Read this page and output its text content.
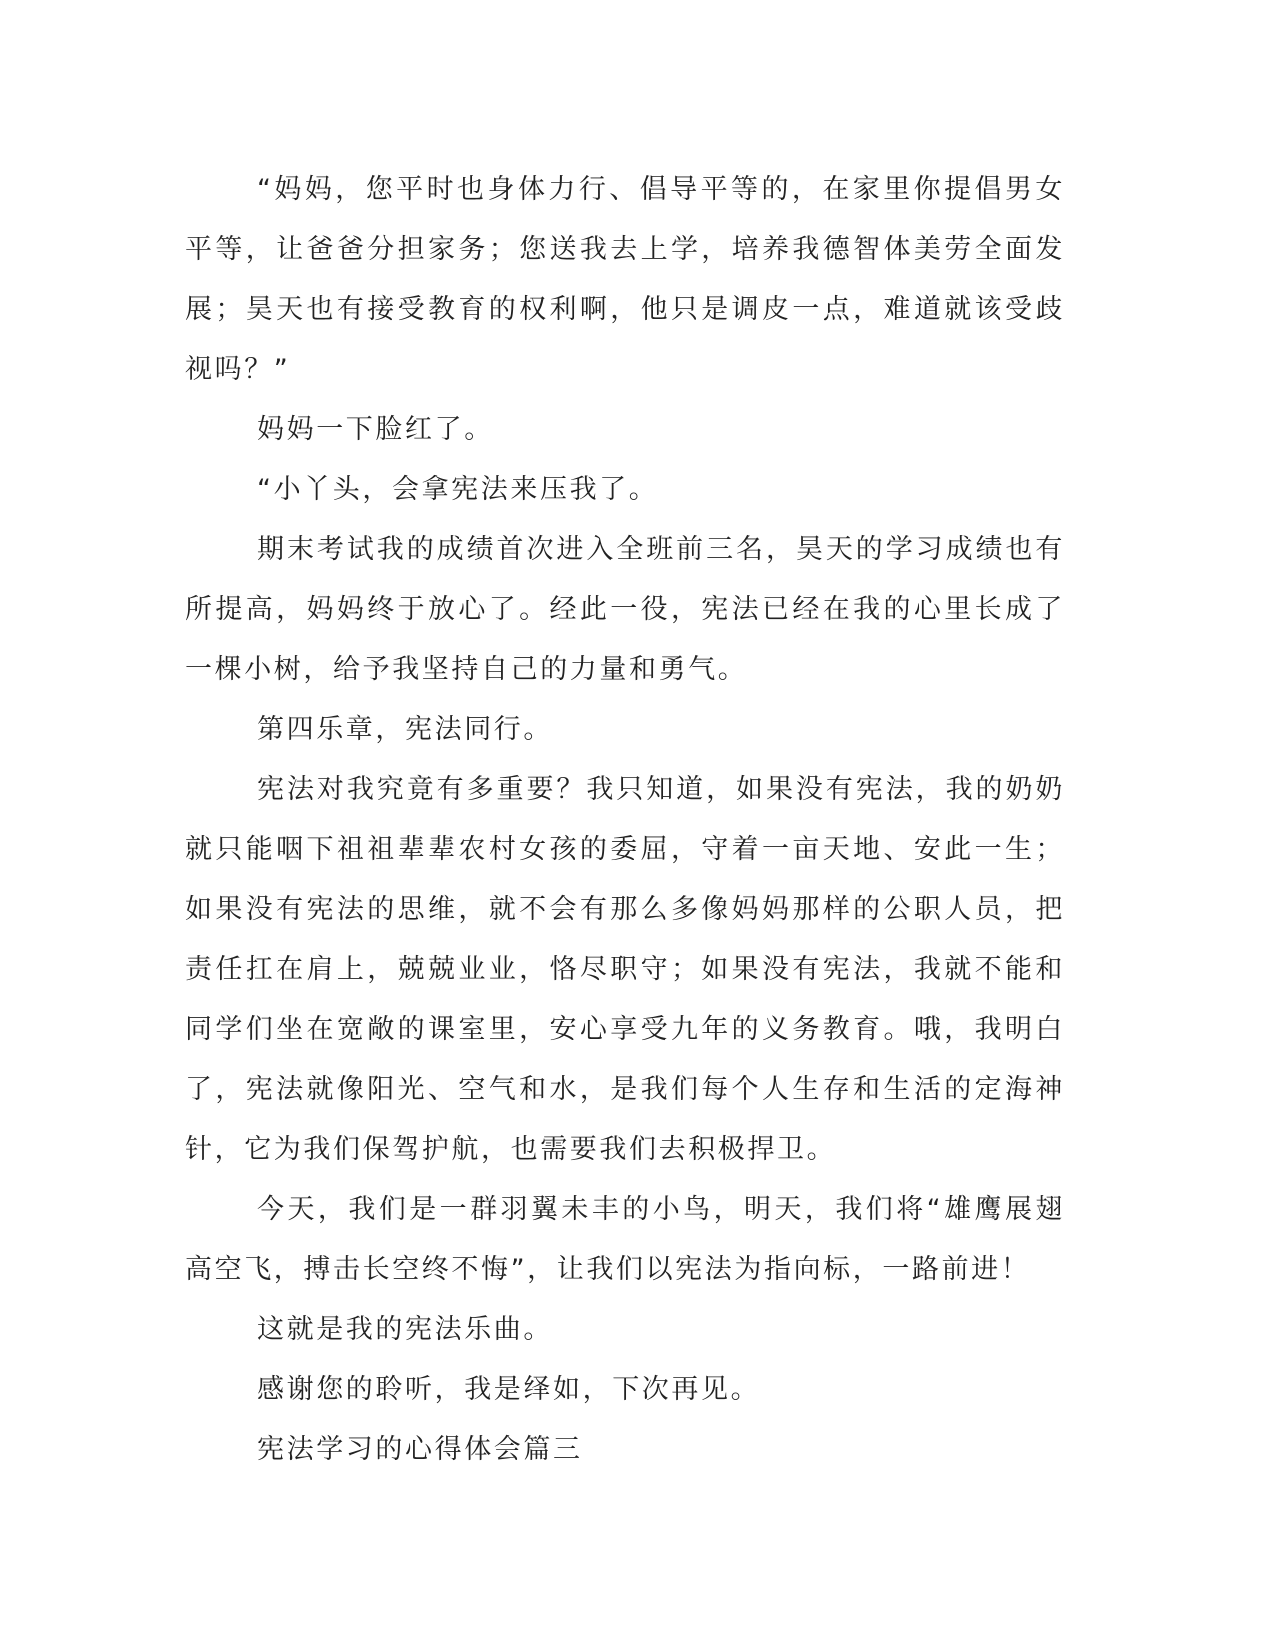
“妈妈，您平时也身体力行、倡导平等的，在家里你提倡男女平等，让爸爸分担家务；您送我去上学，培养我德智体美劳全面发展；昊天也有接受教育的权利啊，他只是调皮一点，难道就该受歧视吗？”

妈妈一下脸红了。

“小丫头，会拿宪法来压我了。

期末考试我的成绩首次进入全班前三名，昊天的学习成绩也有所提高，妈妈终于放心了。经此一役，宪法已经在我的心里长成了一棵小树，给予我坚持自己的力量和勇气。

第四乐章，宪法同行。

宪法对我究竟有多重要？我只知道，如果没有宪法，我的奶奶就只能咽下祖祖辈辈农村女孩的委屈，守着一亩天地、安此一生；如果没有宪法的思维，就不会有那么多像妈妈那样的公职人员，把责任扛在肩上，兢兢业业，恪尽职守；如果没有宪法，我就不能和同学们坐在宽敞的课室里，安心享受九年的义务教育。哦，我明白了，宪法就像阳光、空气和水，是我们每个人生存和生活的定海神针，它为我们保驾护航，也需要我们去积极捍卫。

今天，我们是一群羽翼未丰的小鸟，明天，我们将“雄鹰展翅高空飞，搏击长空终不悔”，让我们以宪法为指向标，一路前进！

这就是我的宪法乐曲。

感谢您的聆听，我是绎如，下次再见。

宪法学习的心得体会篇三
